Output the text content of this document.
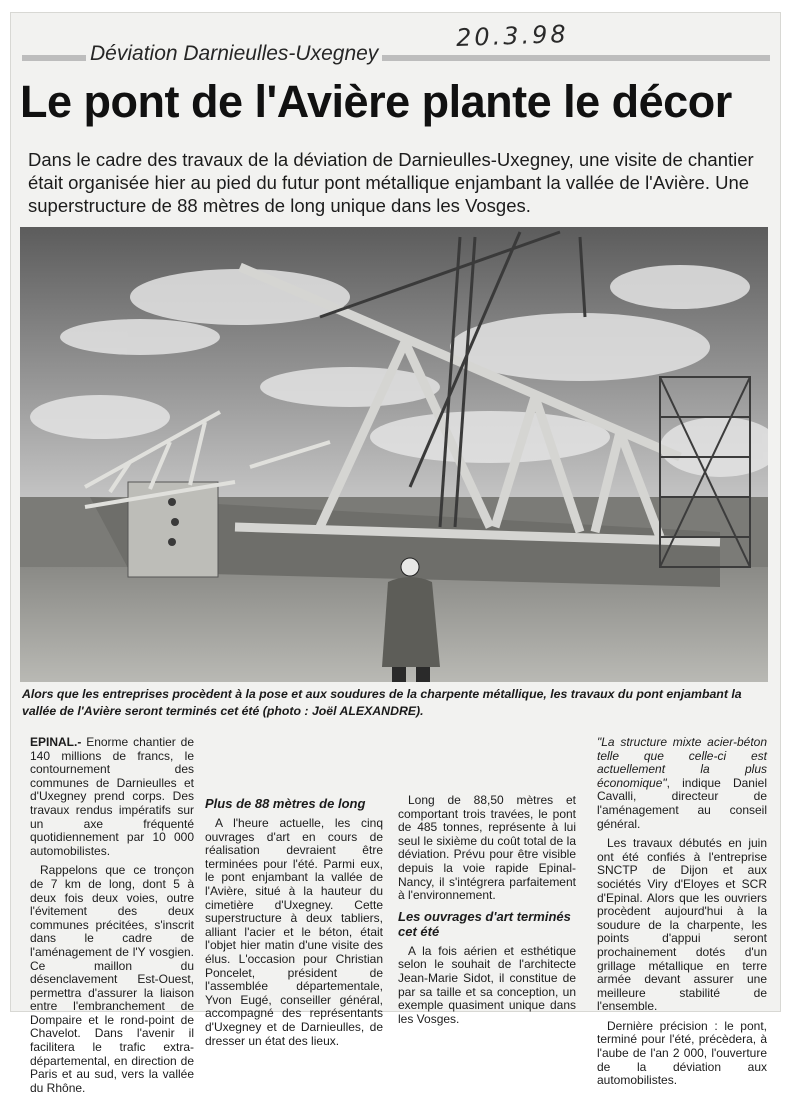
Déviation Darnieulles-Uxegney
20.3.98
Le pont de l'Avière plante le décor

Dans le cadre des travaux de la déviation de Darnieulles-Uxegney, une visite de chantier était organisée hier au pied du futur pont métallique enjambant la vallée de l'Avière. Une superstructure de 88 mètres de long unique dans les Vosges.

Alors que les entreprises procèdent à la pose et aux soudures de la charpente métallique, les travaux du pont enjambant la vallée de l'Avière seront terminés cet été (photo : Joël ALEXANDRE).

EPINAL.- Enorme chantier de 140 millions de francs, le contournement des communes de Darnieulles et d'Uxegney prend corps. Des travaux rendus impératifs sur un axe fréquenté quotidiennement par 10 000 automobilistes.

Rappelons que ce tronçon de 7 km de long, dont 5 à deux fois deux voies, outre l'évitement des deux communes précitées, s'inscrit dans le cadre de l'aménagement de l'Y vosgien. Ce maillon du désenclavement Est-Ouest, permettra d'assurer la liaison entre l'embranchement de Dompaire et le rond-point de Chavelot. Dans l'avenir il facilitera le trafic extra-départemental, en direction de Paris et au sud, vers la vallée du Rhône.

Plus de 88 mètres de long

A l'heure actuelle, les cinq ouvrages d'art en cours de réalisation devraient être terminées pour l'été. Parmi eux, le pont enjambant la vallée de l'Avière, situé à la hauteur du cimetière d'Uxegney. Cette superstructure à deux tabliers, alliant l'acier et le béton, était l'objet hier matin d'une visite des élus. L'occasion pour Christian Poncelet, président de l'assemblée départementale, Yvon Eugé, conseiller général, accompagné des représentants d'Uxegney et de Darnieulles, de dresser un état des lieux.

Long de 88,50 mètres et comportant trois travées, le pont de 485 tonnes, représente à lui seul le sixième du coût total de la déviation. Prévu pour être visible depuis la voie rapide Epinal-Nancy, il s'intégrera parfaitement à l'environnement.

Les ouvrages d'art terminés cet été

A la fois aérien et esthétique selon le souhait de l'architecte Jean-Marie Sidot, il constitue de par sa taille et sa conception, un exemple quasiment unique dans les Vosges.

"La structure mixte acier-béton telle que celle-ci est actuellement la plus économique", indique Daniel Cavalli, directeur de l'aménagement au conseil général.

Les travaux débutés en juin ont été confiés à l'entreprise SNCTP de Dijon et aux sociétés Viry d'Eloyes et SCR d'Epinal. Alors que les ouvriers procèdent aujourd'hui à la soudure de la charpente, les points d'appui seront prochainement dotés d'un grillage métallique en terre armée devant assurer une meilleure stabilité de l'ensemble.

Dernière précision : le pont, terminé pour l'été, précèdera, à l'aube de l'an 2 000, l'ouverture de la déviation aux automobilistes.
